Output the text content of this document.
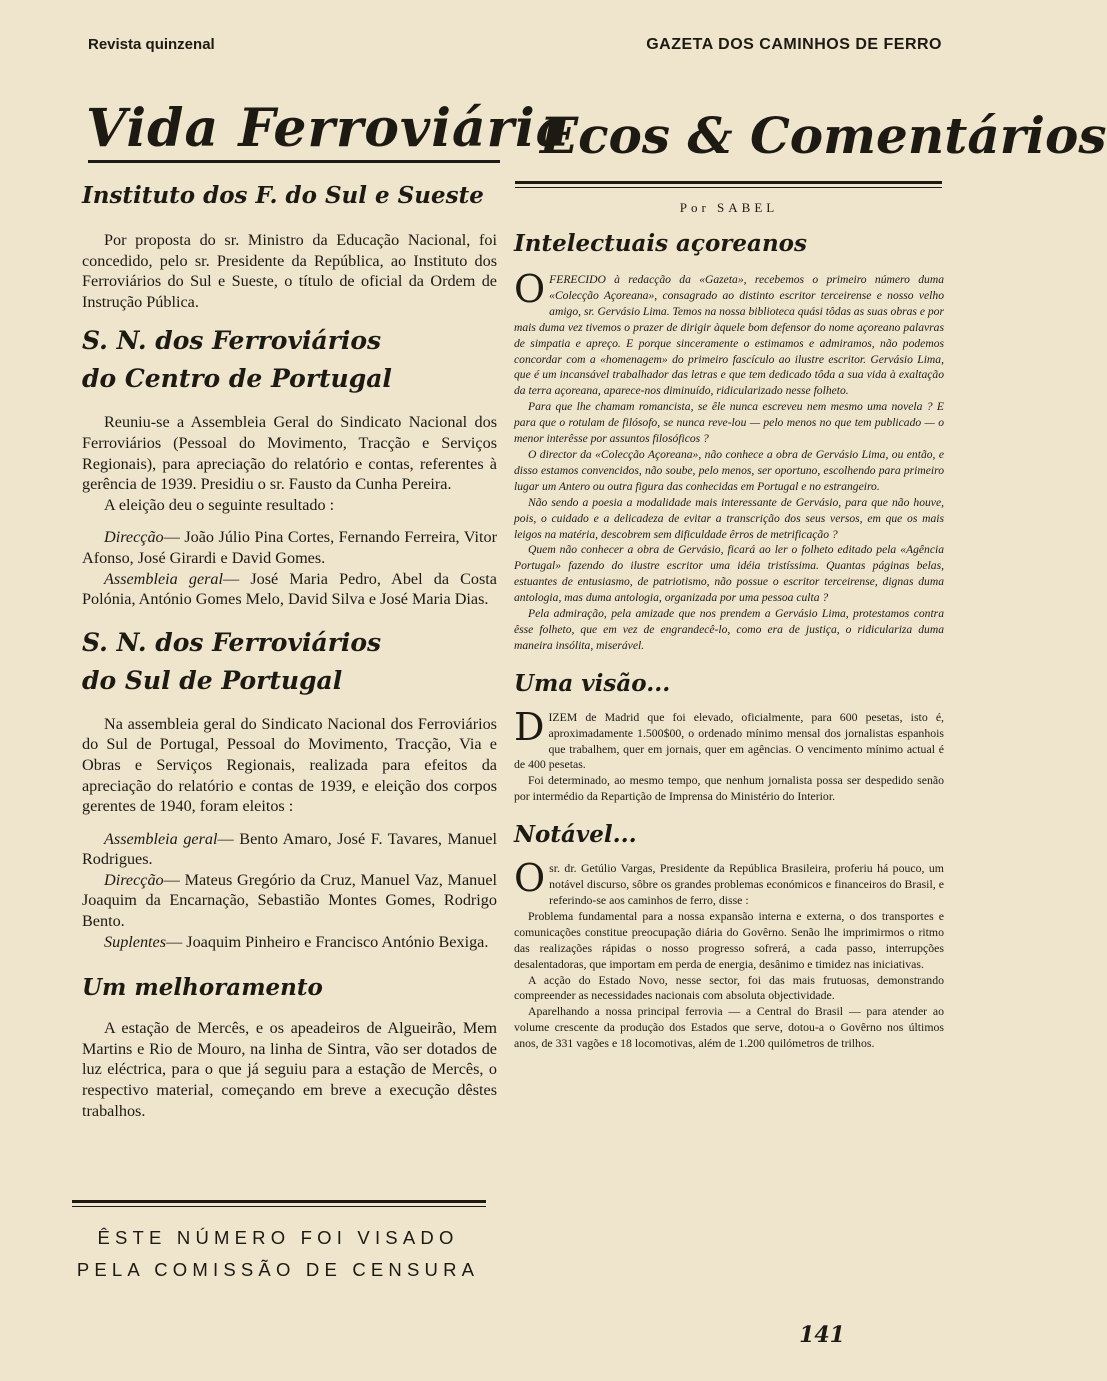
Revista quinzenal	GAZETA DOS CAMINHOS DE FERRO
Vida Ferroviária
Ecos & Comentários
Instituto dos F. do Sul e Sueste

Por proposta do sr. Ministro da Educação Nacional, foi concedido, pelo sr. Presidente da República, ao Instituto dos Ferroviários do Sul e Sueste, o título de oficial da Ordem de Instrução Pública.

S. N. dos Ferroviários
do Centro de Portugal

Reuniu-se a Assembleia Geral do Sindicato Nacional dos Ferroviários (Pessoal do Movimento, Tracção e Serviços Regionais), para apreciação do relatório e contas, referentes à gerência de 1939. Presidiu o sr. Fausto da Cunha Pereira.

A eleição deu o seguinte resultado :

Direcção— João Júlio Pina Cortes, Fernando Ferreira, Vitor Afonso, José Girardi e David Gomes.

Assembleia geral— José Maria Pedro, Abel da Costa Polónia, António Gomes Melo, David Silva e José Maria Dias.

S. N. dos Ferroviários
do Sul de Portugal

Na assembleia geral do Sindicato Nacional dos Ferroviários do Sul de Portugal, Pessoal do Movimento, Tracção, Via e Obras e Serviços Regionais, realizada para efeitos da apreciação do relatório e contas de 1939, e eleição dos corpos gerentes de 1940, foram eleitos :

Assembleia geral— Bento Amaro, José F. Tavares, Manuel Rodrigues.

Direcção— Mateus Gregório da Cruz, Manuel Vaz, Manuel Joaquim da Encarnação, Sebastião Montes Gomes, Rodrigo Bento.

Suplentes— Joaquim Pinheiro e Francisco António Bexiga.

Um melhoramento

A estação de Mercês, e os apeadeiros de Algueirão, Mem Martins e Rio de Mouro, na linha de Sintra, vão ser dotados de luz eléctrica, para o que já seguiu para a estação de Mercês, o respectivo material, começando em breve a execução dêstes trabalhos.

ÊSTE NÚMERO FOI VISADO
PELA COMISSÃO DE CENSURA

Por SABEL

Intelectuais açoreanos

OFERECIDO à redacção da «Gazeta», recebemos o primeiro número duma «Colecção Açoreana», consagrado ao distinto escritor terceirense e nosso velho amigo, sr. Gervásio Lima. Temos na nossa biblioteca quási tôdas as suas obras e por mais duma vez tivemos o prazer de dirigir àquele bom defensor do nome açoreano palavras de simpatia e apreço. E porque sinceramente o estimamos e admiramos, não podemos concordar com a «homenagem» do primeiro fascículo ao ilustre escritor. Gervásio Lima, que é um incansável trabalhador das letras e que tem dedicado tôda a sua vida à exaltação da terra açoreana, aparece-nos diminuído, ridicularizado nesse folheto.

Para que lhe chamam romancista, se êle nunca escreveu nem mesmo uma novela ? E para que o rotulam de filósofo, se nunca reve-lou — pelo menos no que tem publicado — o menor interêsse por assuntos filosóficos ?

O director da «Colecção Açoreana», não conhece a obra de Gervásio Lima, ou então, e disso estamos convencidos, não soube, pelo menos, ser oportuno, escolhendo para primeiro lugar um Antero ou outra figura das conhecidas em Portugal e no estrangeiro.

Não sendo a poesia a modalidade mais interessante de Gervásio, para que não houve, pois, o cuidado e a delicadeza de evitar a transcrição dos seus versos, em que os mais leigos na matéria, descobrem sem dificuldade êrros de metrificação ?

Quem não conhecer a obra de Gervásio, ficará ao ler o folheto editado pela «Agência Portugal» fazendo do ilustre escritor uma idéia tristíssima. Quantas páginas belas, estuantes de entusiasmo, de patriotismo, não possue o escritor terceirense, dignas duma antologia, mas duma antologia, organizada por uma pessoa culta ?

Pela admiração, pela amizade que nos prendem a Gervásio Lima, protestamos contra êsse folheto, que em vez de engrandecê-lo, como era de justiça, o ridiculariza duma maneira insólita, miserável.

Uma visão...

DIZEM de Madrid que foi elevado, oficialmente, para 600 pesetas, isto é, aproximadamente 1.500$00, o ordenado mínimo mensal dos jornalistas espanhois que trabalhem, quer em jornais, quer em agências. O vencimento mínimo actual é de 400 pesetas.

Foi determinado, ao mesmo tempo, que nenhum jornalista possa ser despedido senão por intermédio da Repartição de Imprensa do Ministério do Interior.

Notável...

Osr. dr. Getúlio Vargas, Presidente da República Brasileira, proferiu há pouco, um notável discurso, sôbre os grandes problemas económicos e financeiros do Brasil, e referindo-se aos caminhos de ferro, disse :

Problema fundamental para a nossa expansão interna e externa, o dos transportes e comunicações constitue preocupação diária do Govêrno. Senão lhe imprimirmos o ritmo das realizações rápidas o nosso progresso sofrerá, a cada passo, interrupções desalentadoras, que importam em perda de energia, desânimo e timidez nas iniciativas.

A acção do Estado Novo, nesse sector, foi das mais frutuosas, demonstrando compreender as necessidades nacionais com absoluta objectividade.

Aparelhando a nossa principal ferrovia — a Central do Brasil — para atender ao volume crescente da produção dos Estados que serve, dotou-a o Govêrno nos últimos anos, de 331 vagões e 18 locomotivas, além de 1.200 quilómetros de trilhos.

141
